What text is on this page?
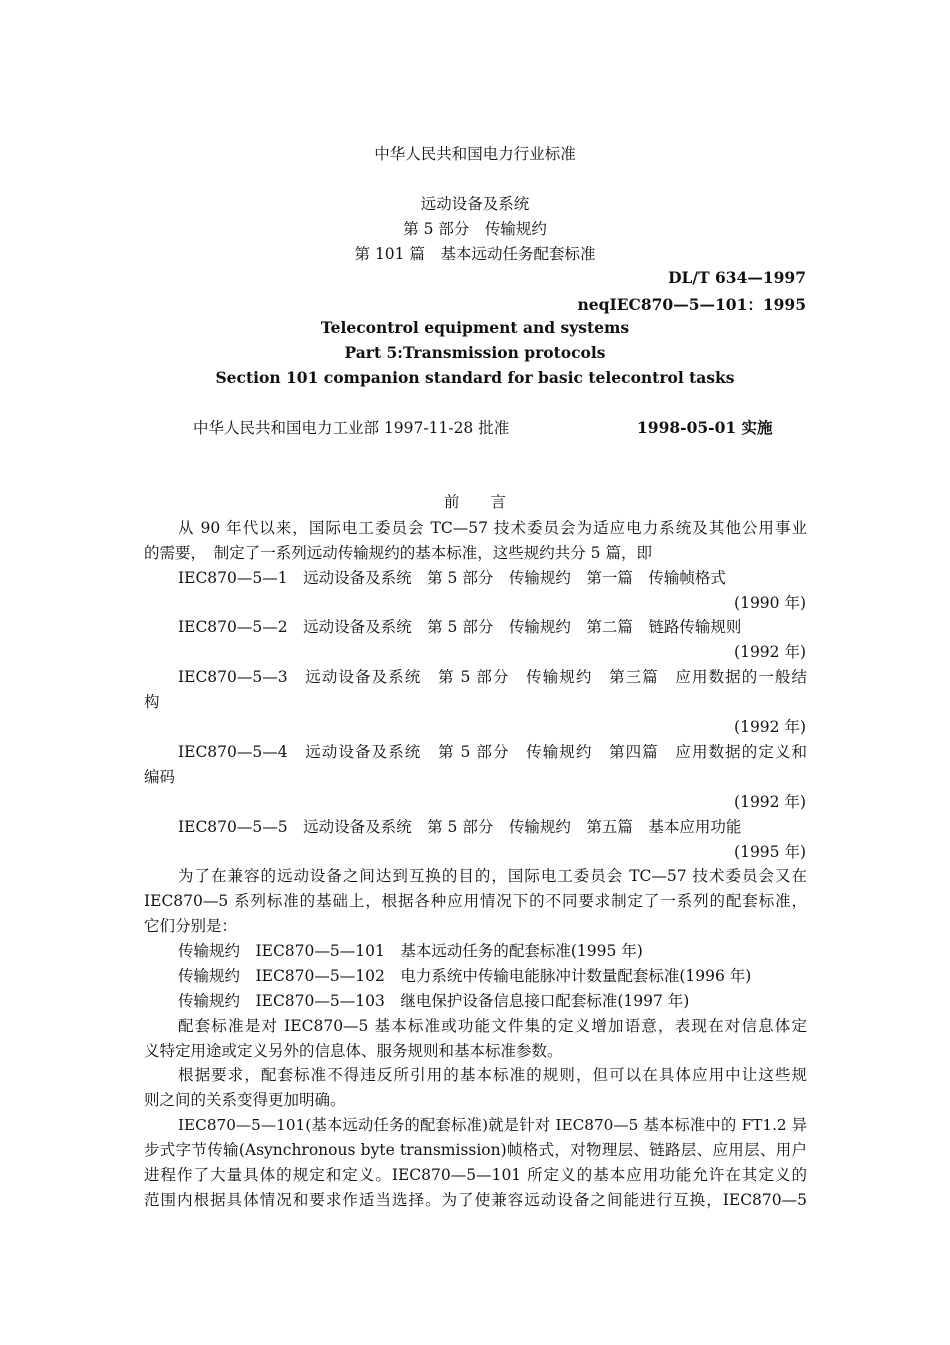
中华人民共和国电力行业标准
远动设备及系统
第 5 部分　传输规约
第 101 篇　基本远动任务配套标准
DL/T 634—1997
neqIEC870—5—101：1995
Telecontrol equipment and systems
Part 5:Transmission protocols
Section 101 companion standard for basic telecontrol tasks
中华人民共和国电力工业部 1997-11-28 批准	1998-05-01 实施
前　　言
从 90 年代以来，国际电工委员会 TC—57 技术委员会为适应电力系统及其他公用事业
的需要，　制定了一系列远动传输规约的基本标准，这些规约共分 5 篇，即
IEC870—5—1　远动设备及系统　第 5 部分　传输规约　第一篇　传输帧格式
(1990 年)
IEC870—5—2　远动设备及系统　第 5 部分　传输规约　第二篇　链路传输规则
(1992 年)
IEC870—5—3　远动设备及系统　第 5 部分　传输规约　第三篇　应用数据的一般结
构
(1992 年)
IEC870—5—4　远动设备及系统　第 5 部分　传输规约　第四篇　应用数据的定义和
编码
(1992 年)
IEC870—5—5　远动设备及系统　第 5 部分　传输规约　第五篇　基本应用功能
(1995 年)
为了在兼容的远动设备之间达到互换的目的，国际电工委员会 TC—57 技术委员会又在
IEC870—5 系列标准的基础上，根据各种应用情况下的不同要求制定了一系列的配套标准，
它们分别是：
传输规约　IEC870—5—101　基本远动任务的配套标准(1995 年)
传输规约　IEC870—5—102　电力系统中传输电能脉冲计数量配套标准(1996 年)
传输规约　IEC870—5—103　继电保护设备信息接口配套标准(1997 年)
配套标准是对 IEC870—5 基本标准或功能文件集的定义增加语意，表现在对信息体定
义特定用途或定义另外的信息体、服务规则和基本标准参数。
根据要求，配套标准不得违反所引用的基本标准的规则，但可以在具体应用中让这些规
则之间的关系变得更加明确。
IEC870—5—101(基本远动任务的配套标准)就是针对 IEC870—5 基本标准中的 FT1.2 异
步式字节传输(Asynchronous byte transmission)帧格式，对物理层、链路层、应用层、用户
进程作了大量具体的规定和定义。IEC870—5—101 所定义的基本应用功能允许在其定义的
范围内根据具体情况和要求作适当选择。为了使兼容远动设备之间能进行互换，IEC870—5
